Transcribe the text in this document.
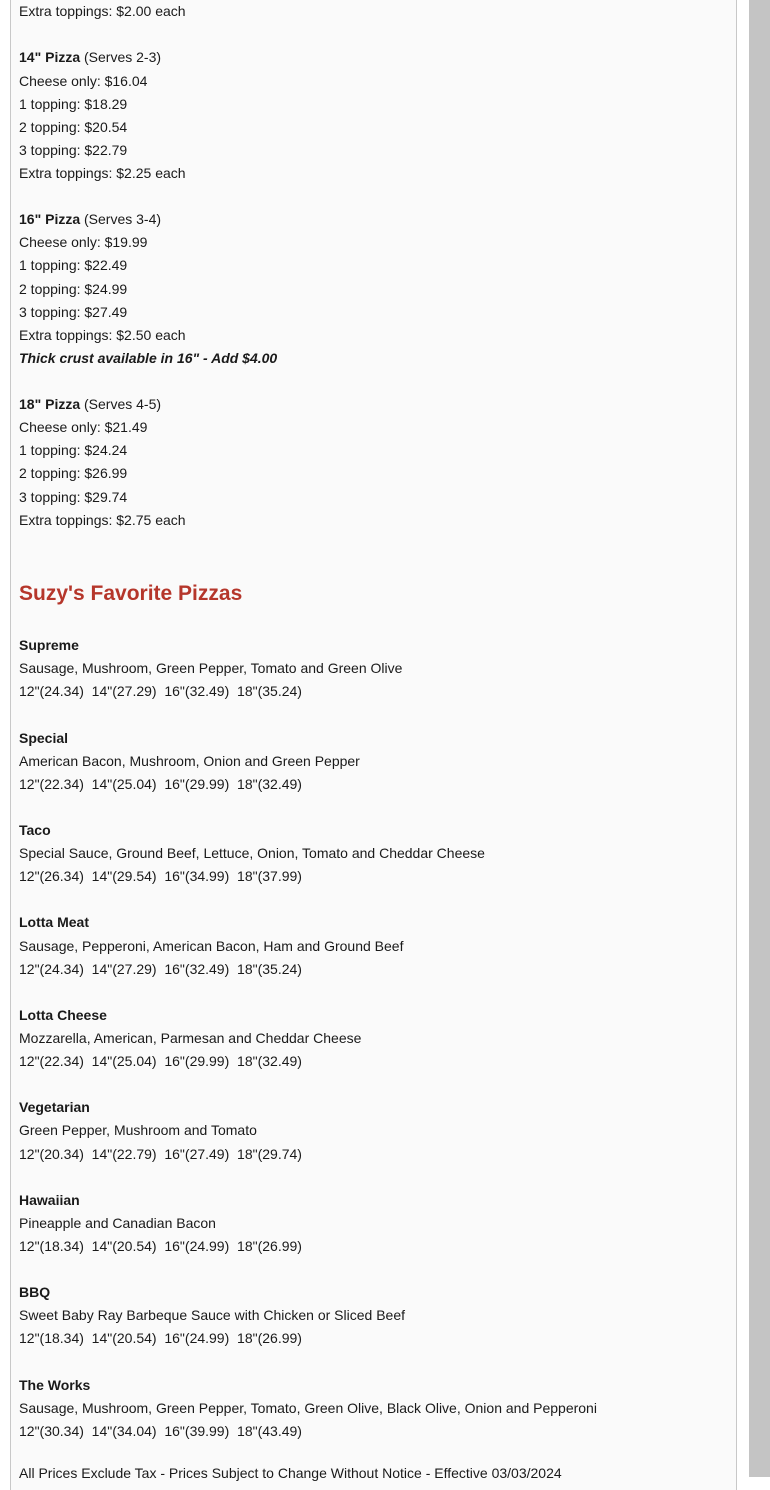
Extra toppings: $2.00 each
14" Pizza (Serves 2-3)
Cheese only: $16.04
1 topping: $18.29
2 topping: $20.54
3 topping: $22.79
Extra toppings: $2.25 each
16" Pizza (Serves 3-4)
Cheese only: $19.99
1 topping: $22.49
2 topping: $24.99
3 topping: $27.49
Extra toppings: $2.50 each
Thick crust available in 16" - Add $4.00
18" Pizza (Serves 4-5)
Cheese only: $21.49
1 topping: $24.24
2 topping: $26.99
3 topping: $29.74
Extra toppings: $2.75 each
Suzy's Favorite Pizzas
Supreme
Sausage, Mushroom, Green Pepper, Tomato and Green Olive
12"(24.34)  14"(27.29)  16"(32.49)  18"(35.24)
Special
American Bacon, Mushroom, Onion and Green Pepper
12"(22.34)  14"(25.04)  16"(29.99)  18"(32.49)
Taco
Special Sauce, Ground Beef, Lettuce, Onion, Tomato and Cheddar Cheese
12"(26.34)  14"(29.54)  16"(34.99)  18"(37.99)
Lotta Meat
Sausage, Pepperoni, American Bacon, Ham and Ground Beef
12"(24.34)  14"(27.29)  16"(32.49)  18"(35.24)
Lotta Cheese
Mozzarella, American, Parmesan and Cheddar Cheese
12"(22.34)  14"(25.04)  16"(29.99)  18"(32.49)
Vegetarian
Green Pepper, Mushroom and Tomato
12"(20.34)  14"(22.79)  16"(27.49)  18"(29.74)
Hawaiian
Pineapple and Canadian Bacon
12"(18.34)  14"(20.54)  16"(24.99)  18"(26.99)
BBQ
Sweet Baby Ray Barbeque Sauce with Chicken or Sliced Beef
12"(18.34)  14"(20.54)  16"(24.99)  18"(26.99)
The Works
Sausage, Mushroom, Green Pepper, Tomato, Green Olive, Black Olive, Onion and Pepperoni
12"(30.34)  14"(34.04)  16"(39.99)  18"(43.49)
All Prices Exclude Tax - Prices Subject to Change Without Notice - Effective 03/03/2024
